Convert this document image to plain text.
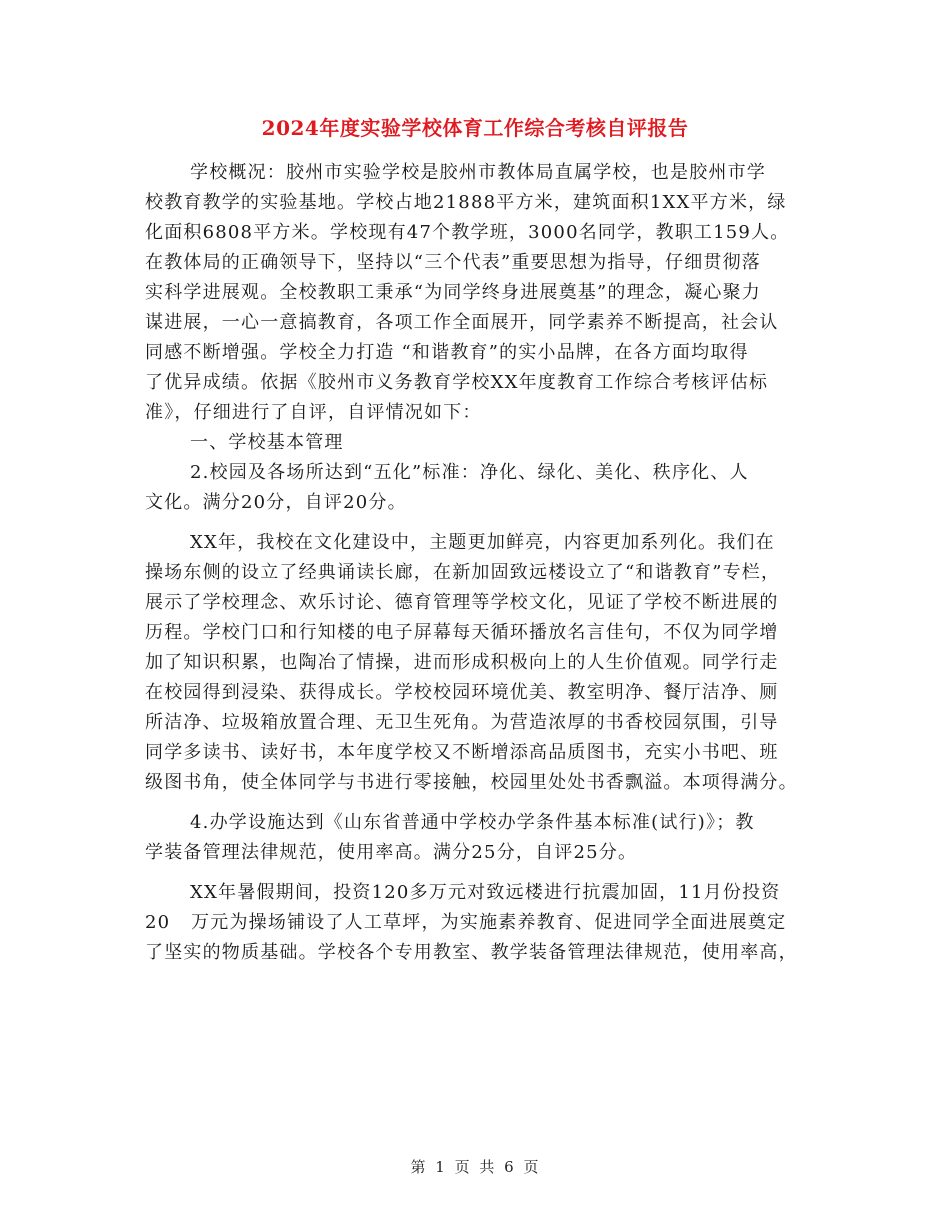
2024年度实验学校体育工作综合考核自评报告
学校概况：胶州市实验学校是胶州市教体局直属学校，也是胶州市学
校教育教学的实验基地。学校占地21888平方米，建筑面积1XX平方米，绿
化面积6808平方米。学校现有47个教学班，3000名同学，教职工159人。
在教体局的正确领导下，坚持以“三个代表”重要思想为指导，仔细贯彻落
实科学进展观。全校教职工秉承“为同学终身进展奠基”的理念，凝心聚力
谋进展，一心一意搞教育，各项工作全面展开，同学素养不断提高，社会认
同感不断增强。学校全力打造 “和谐教育”的实小品牌，在各方面均取得
了优异成绩。依据《胶州市义务教育学校XX年度教育工作综合考核评估标
准》，仔细进行了自评，自评情况如下：
一、学校基本管理
2.校园及各场所达到“五化”标准：净化、绿化、美化、秩序化、人
文化。满分20分，自评20分。
XX年，我校在文化建设中，主题更加鲜亮，内容更加系列化。我们在
操场东侧的设立了经典诵读长廊，在新加固致远楼设立了“和谐教育”专栏，
展示了学校理念、欢乐讨论、德育管理等学校文化，见证了学校不断进展的
历程。学校门口和行知楼的电子屏幕每天循环播放名言佳句，不仅为同学增
加了知识积累，也陶冶了情操，进而形成积极向上的人生价值观。同学行走
在校园得到浸染、获得成长。学校校园环境优美、教室明净、餐厅洁净、厕
所洁净、垃圾箱放置合理、无卫生死角。为营造浓厚的书香校园氛围，引导
同学多读书、读好书，本年度学校又不断增添高品质图书，充实小书吧、班
级图书角，使全体同学与书进行零接触，校园里处处书香飘溢。本项得满分。
4.办学设施达到《山东省普通中学校办学条件基本标准(试行)》；教
学装备管理法律规范，使用率高。满分25分，自评25分。
XX年暑假期间，投资120多万元对致远楼进行抗震加固，11月份投资
20   万元为操场铺设了人工草坪，为实施素养教育、促进同学全面进展奠定
了坚实的物质基础。学校各个专用教室、教学装备管理法律规范，使用率高，
第 1 页 共 6 页
